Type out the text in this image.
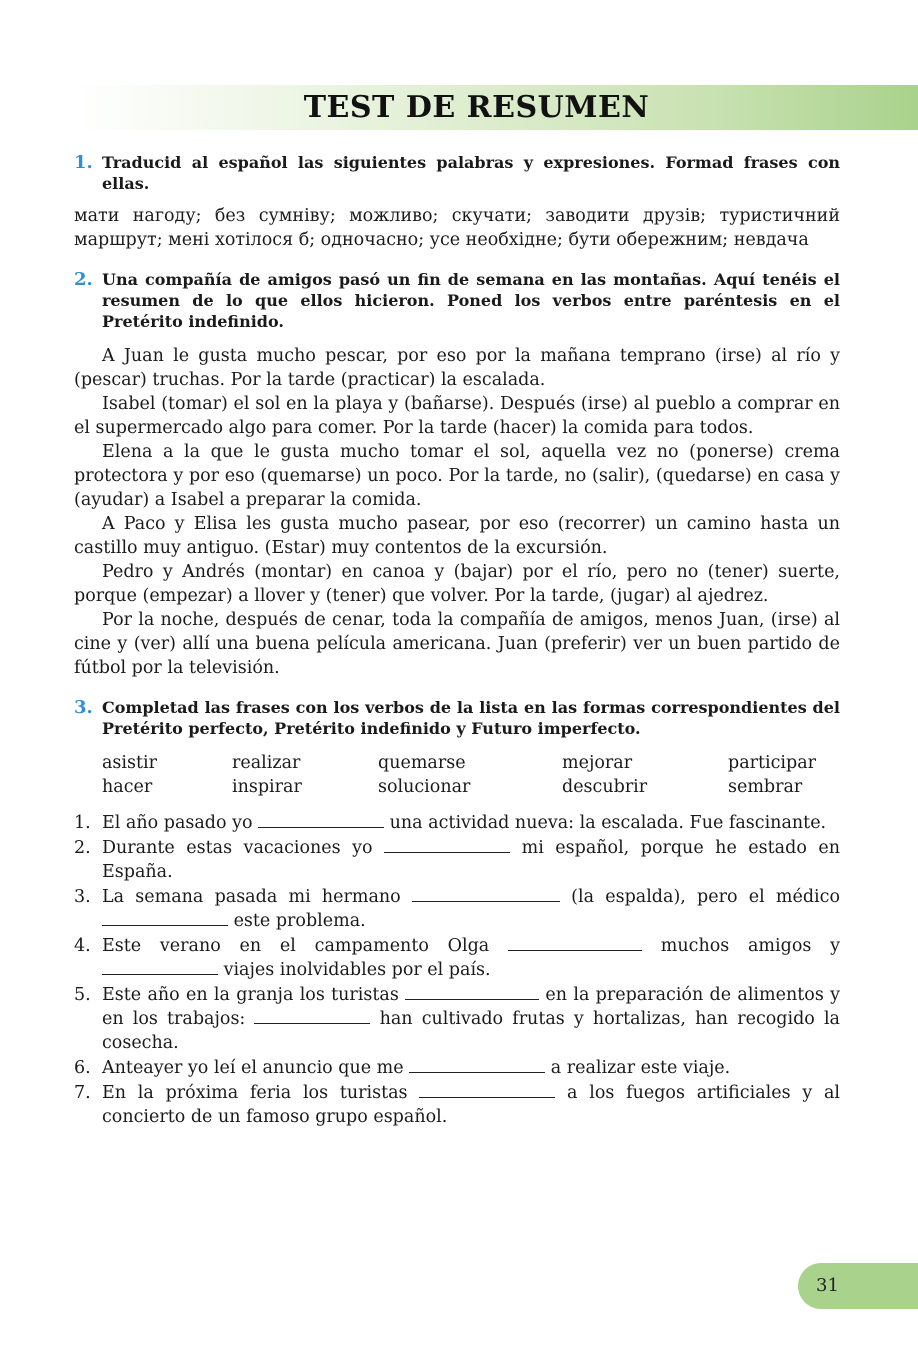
TEST DE RESUMEN
1. Traducid al español las siguientes palabras y expresiones. Formad frases con ellas.
мати нагоду; без сумніву; можливо; скучати; заводити друзів; туристичний маршрут; мені хотілося б; одночасно; усе необхідне; бути обережним; невдача
2. Una compañía de amigos pasó un fin de semana en las montañas. Aquí tenéis el resumen de lo que ellos hicieron. Poned los verbos entre paréntesis en el Pretérito indefinido.

A Juan le gusta mucho pescar, por eso por la mañana temprano (irse) al río y (pescar) truchas. Por la tarde (practicar) la escalada.

Isabel (tomar) el sol en la playa y (bañarse). Después (irse) al pueblo a comprar en el supermercado algo para comer. Por la tarde (hacer) la comida para todos.

Elena a la que le gusta mucho tomar el sol, aquella vez no (ponerse) crema protectora y por eso (quemarse) un poco. Por la tarde, no (salir), (quedarse) en casa y (ayudar) a Isabel a preparar la comida.

A Paco y Elisa les gusta mucho pasear, por eso (recorrer) un camino hasta un castillo muy antiguo. (Estar) muy contentos de la excursión.

Pedro y Andrés (montar) en canoa y (bajar) por el río, pero no (tener) suerte, porque (empezar) a llover y (tener) que volver. Por la tarde, (jugar) al ajedrez.

Por la noche, después de cenar, toda la compañía de amigos, menos Juan, (irse) al cine y (ver) allí una buena película americana. Juan (preferir) ver un buen partido de fútbol por la televisión.

3. Completad las frases con los verbos de la lista en las formas correspondientes del Pretérito perfecto, Pretérito indefinido y Futuro imperfecto.
asistir	realizar	quemarse	mejorar	participar
hacer	inspirar	solucionar	descubrir	sembrar
1. El año pasado yo	una actividad nueva: la escalada. Fue fascinante.
2. Durante estas vacaciones yo	mi español, porque he estado en España.
3. La semana pasada mi hermano	(la espalda), pero el médico  este problema.
4. Este verano en el campamento Olga	muchos amigos y  viajes inolvidables por el país.
5. Este año en la granja los turistas	en la preparación de alimentos y en los trabajos:	han cultivado frutas y hortalizas, han recogido la cosecha.
6. Anteayer yo leí el anuncio que me	a realizar este viaje.
7. En la próxima feria los turistas	a los fuegos artificiales y al concierto de un famoso grupo español.
31
